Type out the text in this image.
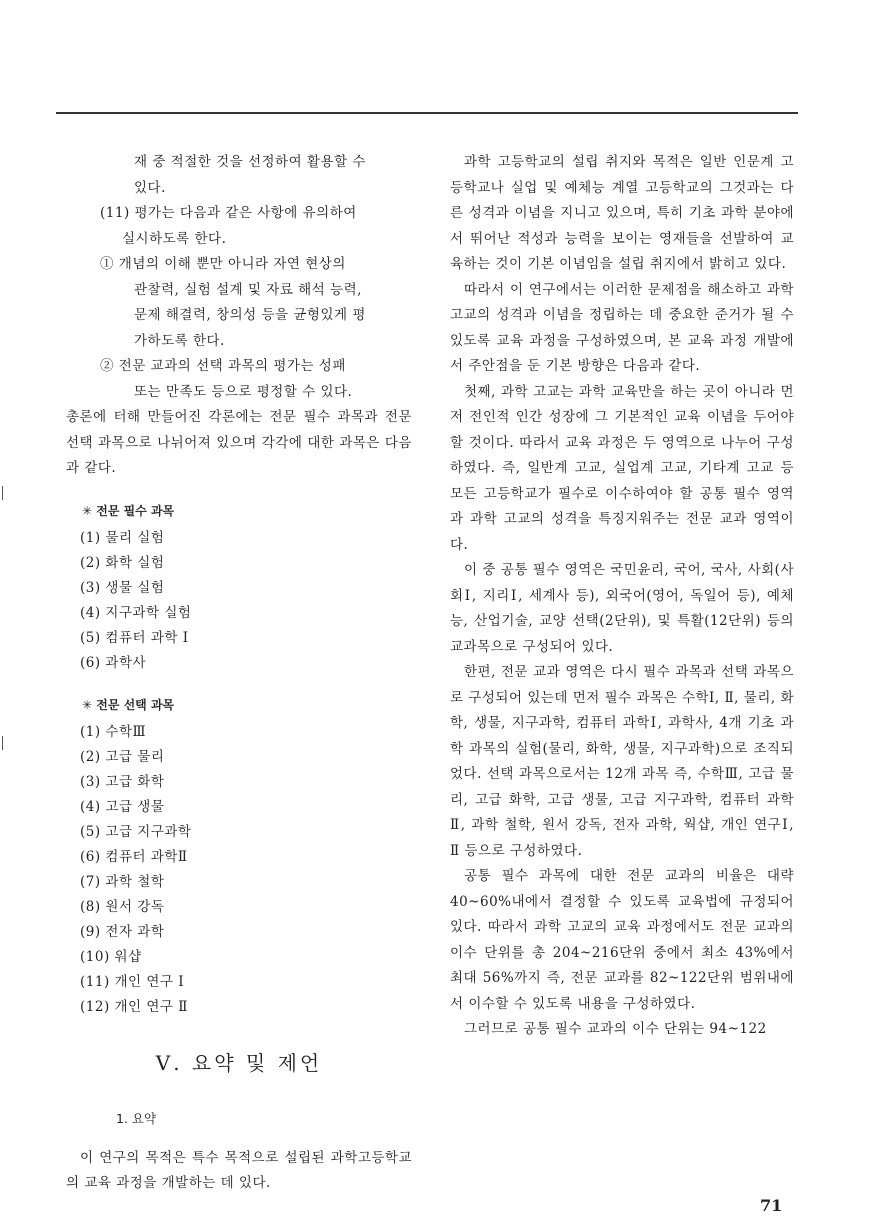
재 중 적절한 것을 선정하여 활용할 수

있다.

(11) 평가는 다음과 같은 사항에 유의하여

실시하도록 한다.

① 개념의 이해 뿐만 아니라 자연 현상의

관찰력, 실험 설계 및 자료 해석 능력,

문제 해결력, 창의성 등을 균형있게 평

가하도록 한다.

② 전문 교과의 선택 과목의 평가는 성패

또는 만족도 등으로 평정할 수 있다.

총론에 터해 만들어진 각론에는 전문 필수 과목과 전문 선택 과목으로 나뉘어져 있으며 각각에 대한 과목은 다음과 같다.

✳ 전문 필수 과목
(1) 물리 실험
(2) 화학 실험
(3) 생물 실험
(4) 지구과학 실험
(5) 컴퓨터 과학 Ⅰ
(6) 과학사
✳ 전문 선택 과목
(1) 수학Ⅲ
(2) 고급 물리
(3) 고급 화학
(4) 고급 생물
(5) 고급 지구과학
(6) 컴퓨터 과학Ⅱ
(7) 과학 철학
(8) 원서 강독
(9) 전자 과학
(10) 워샵
(11) 개인 연구 Ⅰ
(12) 개인 연구 Ⅱ
Ⅴ. 요약 및 제언
1. 요약

이 연구의 목적은 특수 목적으로 설립된 과학고등학교의 교육 과정을 개발하는 데 있다.

과학 고등학교의 설립 취지와 목적은 일반 인문계 고등학교나 실업 및 예체능 계열 고등학교의 그것과는 다른 성격과 이념을 지니고 있으며, 특히 기초 과학 분야에서 뛰어난 적성과 능력을 보이는 영재들을 선발하여 교육하는 것이 기본 이념임을 설립 취지에서 밝히고 있다.

따라서 이 연구에서는 이러한 문제점을 해소하고 과학 고교의 성격과 이념을 정립하는 데 중요한 준거가 될 수 있도록 교육 과정을 구성하였으며, 본 교육 과정 개발에서 주안점을 둔 기본 방향은 다음과 같다.

첫째, 과학 고교는 과학 교육만을 하는 곳이 아니라 먼저 전인적 인간 성장에 그 기본적인 교육 이념을 두어야 할 것이다. 따라서 교육 과정은 두 영역으로 나누어 구성하였다. 즉, 일반계 고교, 실업계 고교, 기타계 고교 등 모든 고등학교가 필수로 이수하여야 할 공통 필수 영역과 과학 고교의 성격을 특징지워주는 전문 교과 영역이다.

이 중 공통 필수 영역은 국민윤리, 국어, 국사, 사회(사회Ⅰ, 지리Ⅰ, 세계사 등), 외국어(영어, 독일어 등), 예체능, 산업기술, 교양 선택(2단위), 및 특활(12단위) 등의 교과목으로 구성되어 있다.

한편, 전문 교과 영역은 다시 필수 과목과 선택 과목으로 구성되어 있는데 먼저 필수 과목은 수학Ⅰ, Ⅱ, 물리, 화학, 생물, 지구과학, 컴퓨터 과학Ⅰ, 과학사, 4개 기초 과학 과목의 실험(물리, 화학, 생물, 지구과학)으로 조직되었다. 선택 과목으로서는 12개 과목 즉, 수학Ⅲ, 고급 물리, 고급 화학, 고급 생물, 고급 지구과학, 컴퓨터 과학 Ⅱ, 과학 철학, 원서 강독, 전자 과학, 웍샵, 개인 연구Ⅰ, Ⅱ 등으로 구성하였다.

공통 필수 과목에 대한 전문 교과의 비율은 대략 40~60%내에서 결정할 수 있도록 교육법에 규정되어 있다. 따라서 과학 고교의 교육 과정에서도 전문 교과의 이수 단위를 총 204~216단위 중에서 최소 43%에서 최대 56%까지 즉, 전문 교과를 82~122단위 범위내에서 이수할 수 있도록 내용을 구성하였다.

그러므로 공통 필수 교과의 이수 단위는 94~122

71
